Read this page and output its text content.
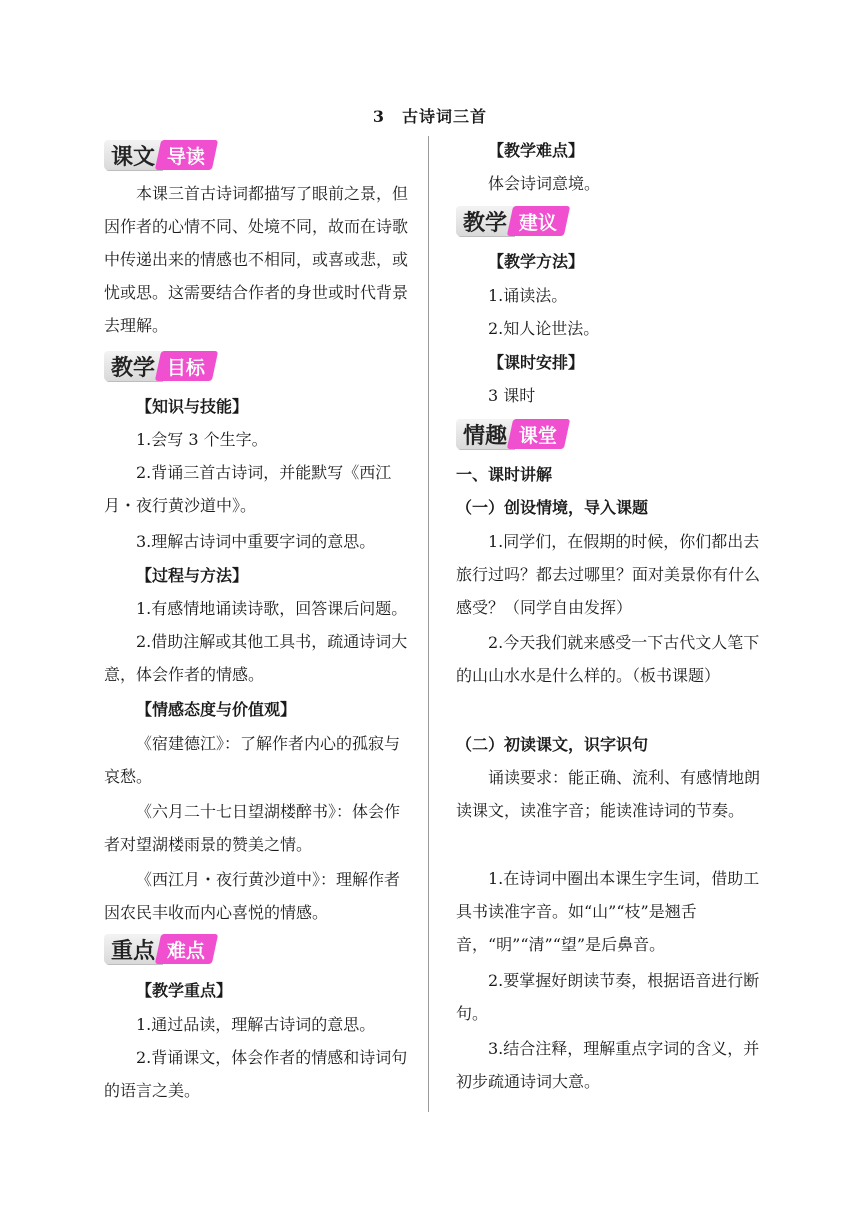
3　古诗词三首
课文 导读
本课三首古诗词都描写了眼前之景，但因作者的心情不同、处境不同，故而在诗歌中传递出来的情感也不相同，或喜或悲，或忧或思。这需要结合作者的身世或时代背景去理解。
教学 目标
【知识与技能】
1.会写 3 个生字。
2.背诵三首古诗词，并能默写《西江月・夜行黄沙道中》。
3.理解古诗词中重要字词的意思。
【过程与方法】
1.有感情地诵读诗歌，回答课后问题。
2.借助注解或其他工具书，疏通诗词大意，体会作者的情感。
【情感态度与价值观】
《宿建德江》：了解作者内心的孤寂与哀愁。
《六月二十七日望湖楼醉书》：体会作者对望湖楼雨景的赞美之情。
《西江月・夜行黄沙道中》：理解作者因农民丰收而内心喜悦的情感。
重点 难点
【教学重点】
1.通过品读，理解古诗词的意思。
2.背诵课文，体会作者的情感和诗词句的语言之美。
【教学难点】
体会诗词意境。
教学 建议
【教学方法】
1.诵读法。
2.知人论世法。
【课时安排】
3 课时
情趣 课堂
一、课时讲解
（一）创设情境，导入课题
1.同学们，在假期的时候，你们都出去旅行过吗？都去过哪里？面对美景你有什么感受？（同学自由发挥）
2.今天我们就来感受一下古代文人笔下的山山水水是什么样的。（板书课题）
（二）初读课文，识字识句
诵读要求：能正确、流利、有感情地朗读课文，读准字音；能读准诗词的节奏。
1.在诗词中圈出本课生字生词，借助工具书读准字音。如“山”“枝”是翘舌音，“明”“清”“望”是后鼻音。
2.要掌握好朗读节奏，根据语音进行断句。
3.结合注释，理解重点字词的含义，并初步疏通诗词大意。
